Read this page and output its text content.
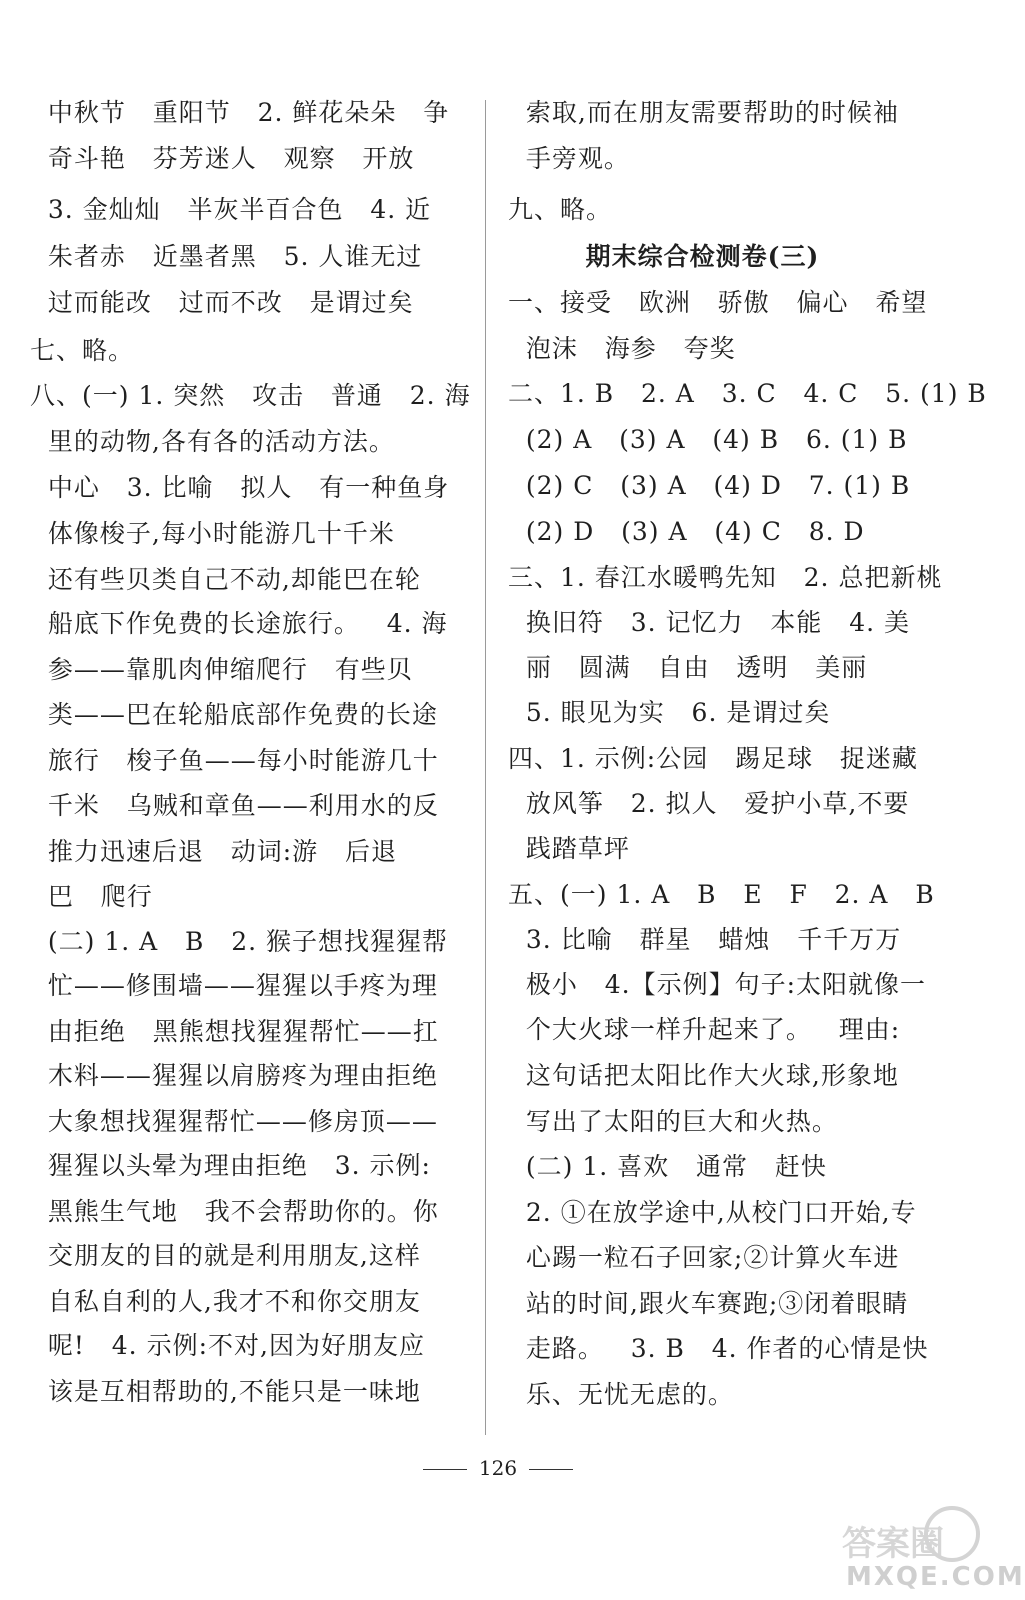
中秋节   重阳节   2. 鲜花朵朵   争
奇斗艳   芬芳迷人   观察   开放
3. 金灿灿   半灰半百合色   4. 近
朱者赤   近墨者黑   5. 人谁无过
过而能改   过而不改   是谓过矣
七、略。
八、(一) 1. 突然   攻击   普通   2. 海
里的动物,各有各的活动方法。
中心   3. 比喻   拟人   有一种鱼身
体像梭子,每小时能游几十千米
还有些贝类自己不动,却能巴在轮
船底下作免费的长途旅行。   4. 海
参——靠肌肉伸缩爬行   有些贝
类——巴在轮船底部作免费的长途
旅行   梭子鱼——每小时能游几十
千米   乌贼和章鱼——利用水的反
推力迅速后退   动词:游   后退
巴   爬行
(二) 1. A   B   2. 猴子想找猩猩帮
忙——修围墙——猩猩以手疼为理
由拒绝   黑熊想找猩猩帮忙——扛
木料——猩猩以肩膀疼为理由拒绝
大象想找猩猩帮忙——修房顶——
猩猩以头晕为理由拒绝   3. 示例:
黑熊生气地   我不会帮助你的。你
交朋友的目的就是利用朋友,这样
自私自利的人,我才不和你交朋友
呢!   4. 示例:不对,因为好朋友应
该是互相帮助的,不能只是一味地
索取,而在朋友需要帮助的时候袖
手旁观。
九、略。
期末综合检测卷(三)
一、接受   欧洲   骄傲   偏心   希望
泡沫   海参   夸奖
二、1. B   2. A   3. C   4. C   5. (1) B
(2) A   (3) A   (4) B   6. (1) B
(2) C   (3) A   (4) D   7. (1) B
(2) D   (3) A   (4) C   8. D
三、1. 春江水暖鸭先知   2. 总把新桃
换旧符   3. 记忆力   本能   4. 美
丽   圆满   自由   透明   美丽
5. 眼见为实   6. 是谓过矣
四、1. 示例:公园   踢足球   捉迷藏
放风筝   2. 拟人   爱护小草,不要
践踏草坪
五、(一) 1. A   B   E   F   2. A   B
3. 比喻   群星   蜡烛   千千万万
极小   4.【示例】句子:太阳就像一
个大火球一样升起来了。   理由:
这句话把太阳比作大火球,形象地
写出了太阳的巨大和火热。
(二) 1. 喜欢   通常   赶快
2. ①在放学途中,从校门口开始,专
心踢一粒石子回家;②计算火车进
站的时间,跟火车赛跑;③闭着眼睛
走路。   3. B   4. 作者的心情是快
乐、无忧无虑的。
126
答案圈
MXQE.COM
